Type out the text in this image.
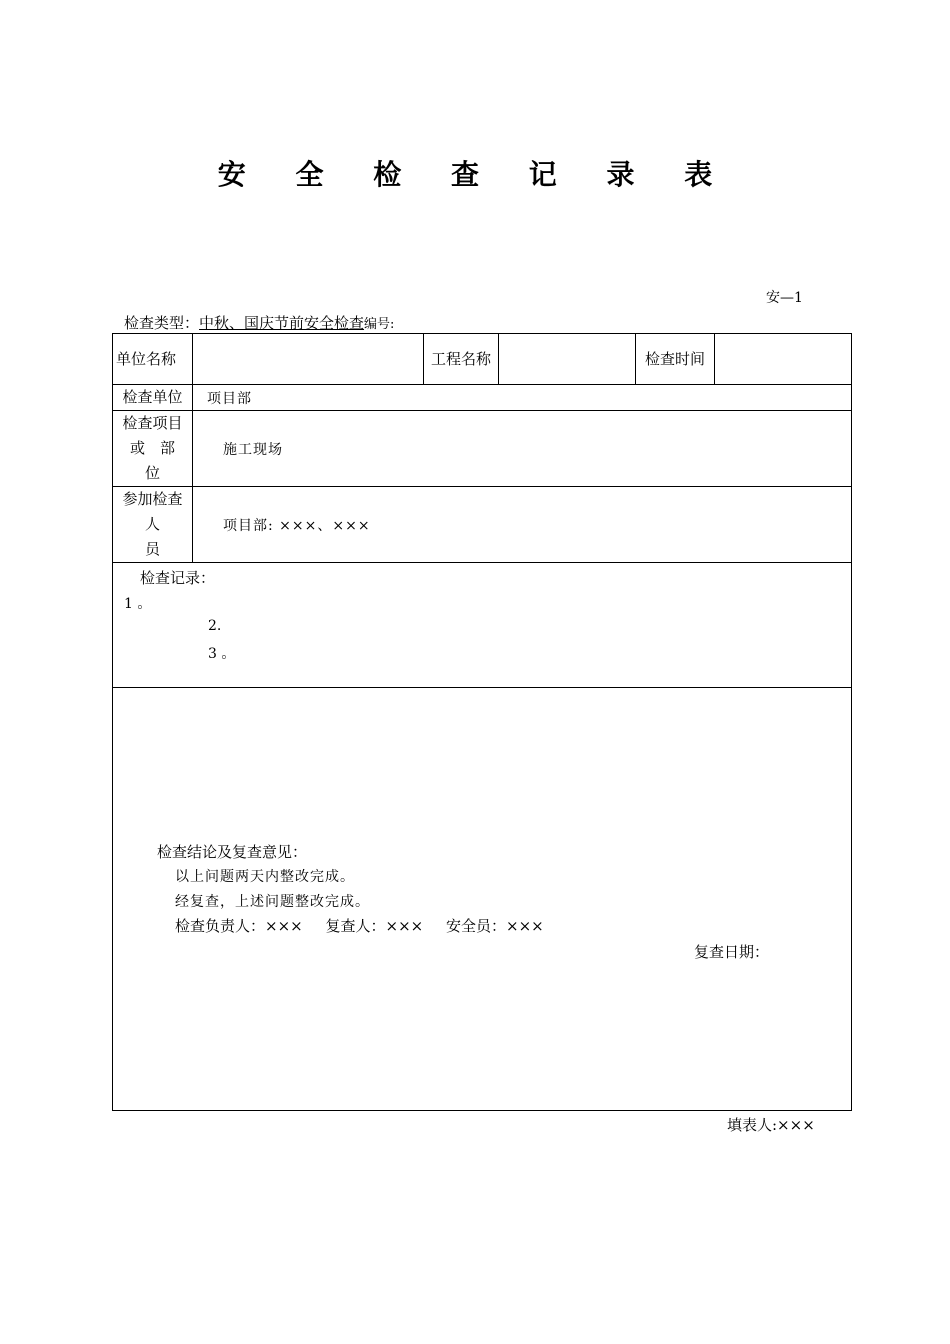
安 全 检 查 记 录 表
安—1
检查类型：中秋、国庆节前安全检查编号:
单位名称		工程名称		检查时间	
检查单位	项目部				

检查项目
或　部
位	施工现场				

参加检查
人
员	项目部: ×××、×××				

检查记录：
1 。
2.
3 。					

检查结论及复查意见：
以上问题两天内整改完成。
经复查，上述问题整改完成。
检查负责人：××× 复查人：××× 安全员：×××
复查日期：					
填表人:×××
